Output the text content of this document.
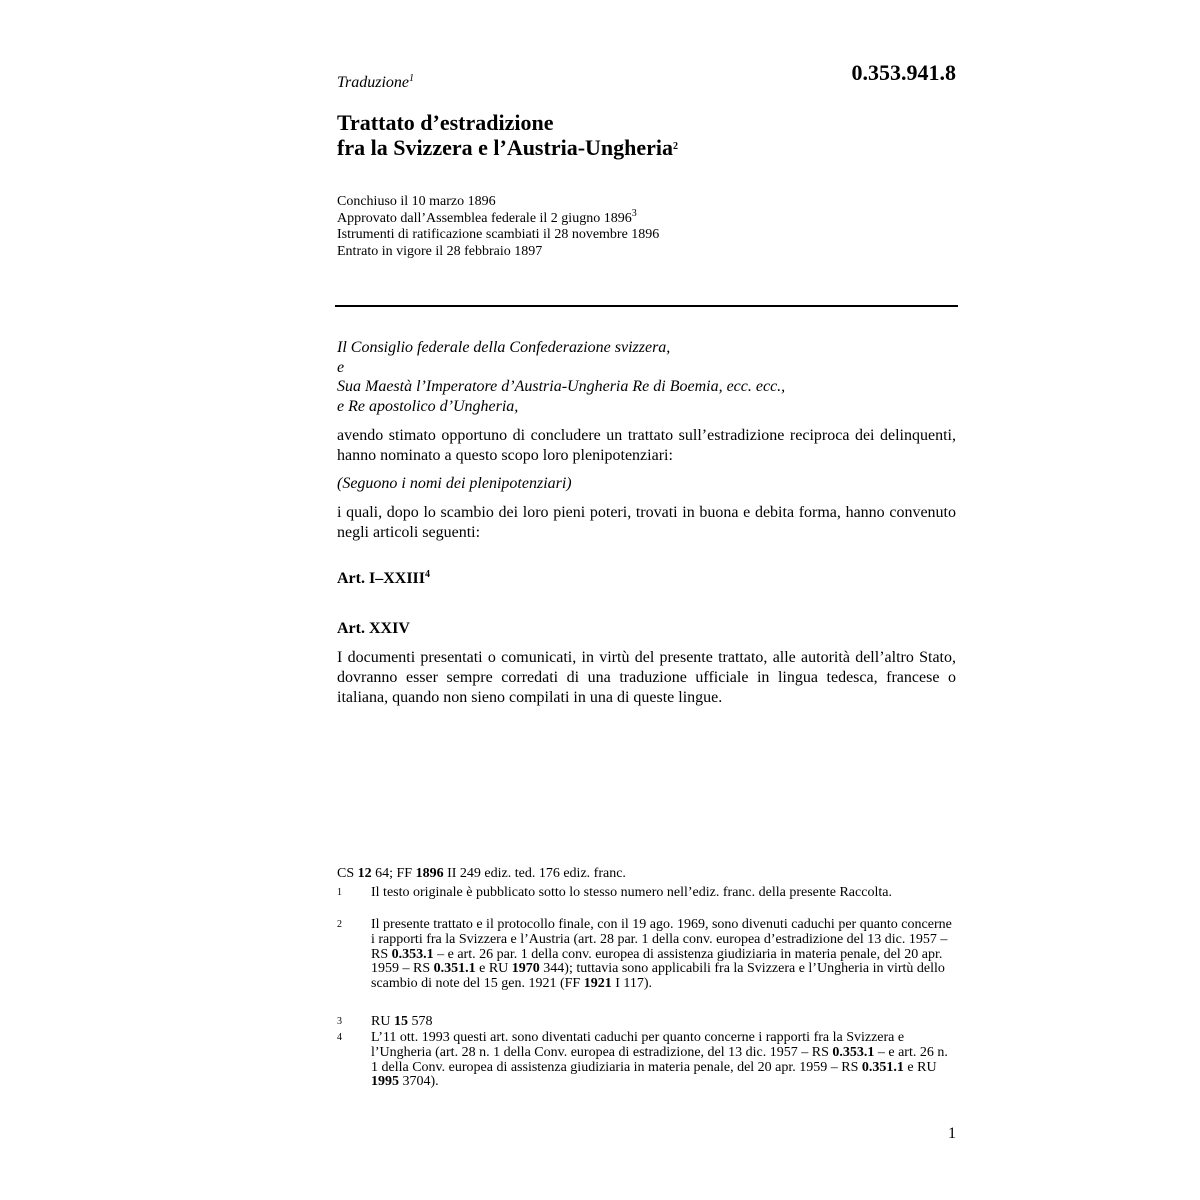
0.353.941.8
Traduzione$^1$
Trattato d’estradizione
fra la Svizzera e l’Austria-Ungheria$^2$
Conchiuso il 10 marzo 1896
Approvato dall’Assemblea federale il 2 giugno 1896$^3$
Istrumenti di ratificazione scambiati il 28 novembre 1896
Entrato in vigore il 28 febbraio 1897
Il Consiglio federale della Confederazione svizzera,
e
Sua Maestà l’Imperatore d’Austria-Ungheria Re di Boemia, ecc. ecc.,
e Re apostolico d’Ungheria,

avendo stimato opportuno di concludere un trattato sull’estradizione reciproca dei delinquenti, hanno nominato a questo scopo loro plenipotenziari:

(Seguono i nomi dei plenipotenziari)

i quali, dopo lo scambio dei loro pieni poteri, trovati in buona e debita forma, hanno convenuto negli articoli seguenti:

Art. I–XXIII$^4$
Art. XXIV

I documenti presentati o comunicati, in virtù del presente trattato, alle autorità dell’altro Stato, dovranno esser sempre corredati di una traduzione ufficiale in lingua tedesca, francese o italiana, quando non sieno compilati in una di queste lingue.

CS 12 64; FF 1896 II 249 ediz. ted. 176 ediz. franc.
1 Il testo originale è pubblicato sotto lo stesso numero nell’ediz. franc. della presente Raccolta.
2 Il presente trattato e il protocollo finale, con il 19 ago. 1969, sono divenuti caduchi per quanto concerne i rapporti fra la Svizzera e l’Austria (art. 28 par. 1 della conv. europea d’estradizione del 13 dic. 1957 – RS 0.353.1 – e art. 26 par. 1 della conv. europea di assistenza giudiziaria in materia penale, del 20 apr. 1959 – RS 0.351.1 e RU 1970 344); tuttavia sono applicabili fra la Svizzera e l’Ungheria in virtù dello scambio di note del 15 gen. 1921 (FF 1921 I 117).
3 RU 15 578
4 L’11 ott. 1993 questi art. sono diventati caduchi per quanto concerne i rapporti fra la Svizzera e l’Ungheria (art. 28 n. 1 della Conv. europea di estradizione, del 13 dic. 1957 – RS 0.353.1 – e art. 26 n. 1 della Conv. europea di assistenza giudiziaria in materia penale, del 20 apr. 1959 – RS 0.351.1 e RU 1995 3704).
1
